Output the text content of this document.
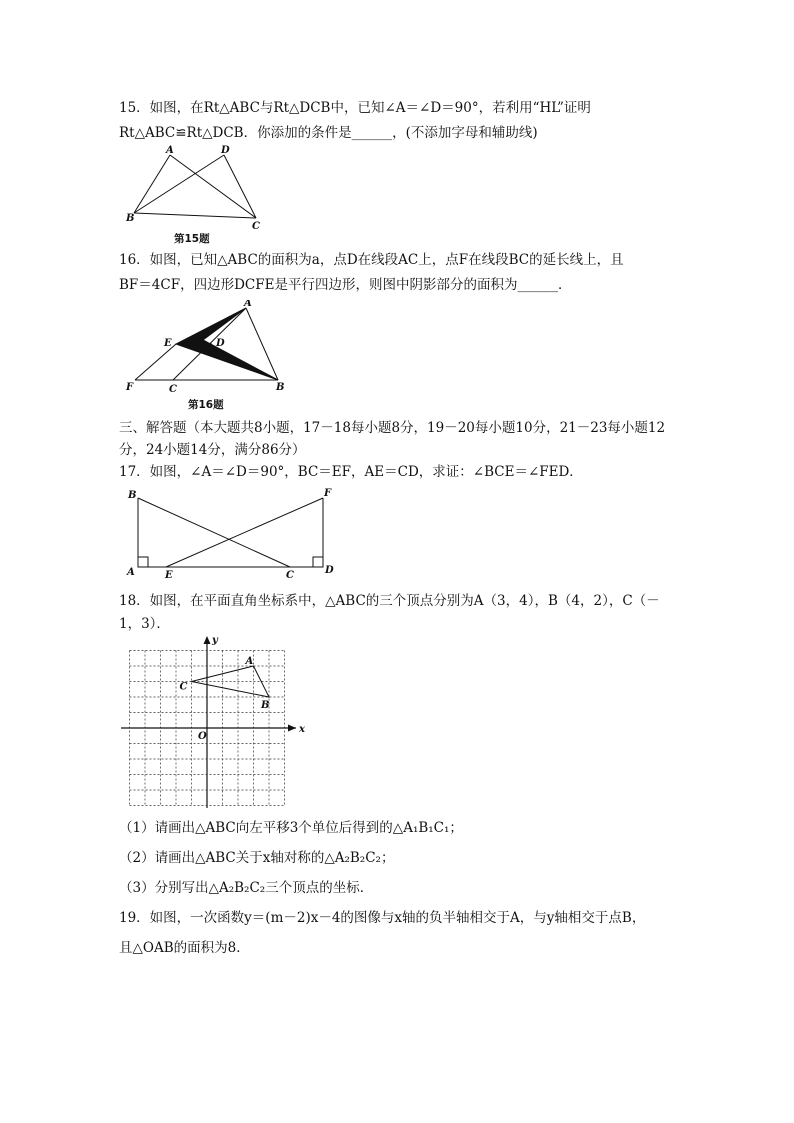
15．如图，在Rt△ABC与Rt△DCB中，已知∠A＝∠D＝90°，若利用“HL”证明
Rt△ABC≌Rt△DCB．你添加的条件是______，(不添加字母和辅助线)
A	D
B
C
第15题
16．如图，已知△ABC的面积为a，点D在线段AC上，点F在线段BC的延长线上，且
BF＝4CF，四边形DCFE是平行四边形，则图中阴影部分的面积为______．
A
E	D
F	C	B
第16题
三、解答题（本大题共8小题，17－18每小题8分，19－20每小题10分，21－23每小题12
分，24小题14分，满分86分）
17．如图，∠A＝∠D＝90°，BC＝EF，AE＝CD，求证：∠BCE＝∠FED．
B	F
A	E	C	D
18．如图，在平面直角坐标系中，△ABC的三个顶点分别为A（3，4），B（4，2），C（－
1，3）．
x
y
O
A
B
C
（1）请画出△ABC向左平移3个单位后得到的△A₁B₁C₁；
（2）请画出△ABC关于x轴对称的△A₂B₂C₂；
（3）分别写出△A₂B₂C₂三个顶点的坐标．
19．如图，一次函数y＝(m－2)x－4的图像与x轴的负半轴相交于A，与y轴相交于点B，
且△OAB的面积为8．
